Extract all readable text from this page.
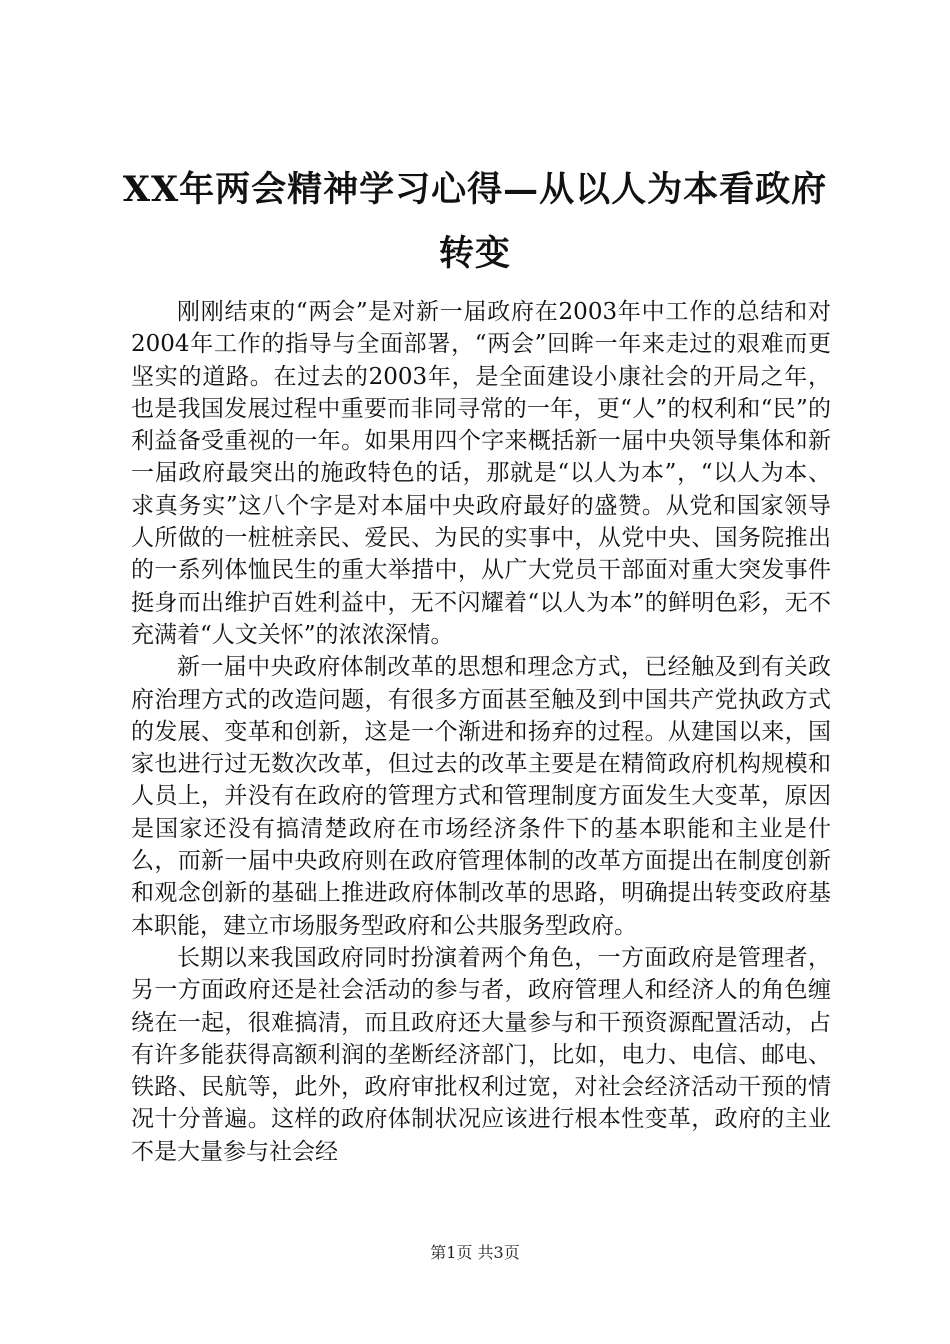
XX年两会精神学习心得—从以人为本看政府转变

刚刚结束的“两会”是对新一届政府在2003年中工作的总结和对2004年工作的指导与全面部署，“两会”回眸一年来走过的艰难而更坚实的道路。在过去的2003年，是全面建设小康社会的开局之年，也是我国发展过程中重要而非同寻常的一年，更“人”的权利和“民”的利益备受重视的一年。如果用四个字来概括新一届中央领导集体和新一届政府最突出的施政特色的话，那就是“以人为本”，“以人为本、求真务实”这八个字是对本届中央政府最好的盛赞。从党和国家领导人所做的一桩桩亲民、爱民、为民的实事中，从党中央、国务院推出的一系列体恤民生的重大举措中，从广大党员干部面对重大突发事件挺身而出维护百姓利益中，无不闪耀着“以人为本”的鲜明色彩，无不充满着“人文关怀”的浓浓深情。

新一届中央政府体制改革的思想和理念方式，已经触及到有关政府治理方式的改造问题，有很多方面甚至触及到中国共产党执政方式的发展、变革和创新，这是一个渐进和扬弃的过程。从建国以来，国家也进行过无数次改革，但过去的改革主要是在精简政府机构规模和人员上，并没有在政府的管理方式和管理制度方面发生大变革，原因是国家还没有搞清楚政府在市场经济条件下的基本职能和主业是什么，而新一届中央政府则在政府管理体制的改革方面提出在制度创新和观念创新的基础上推进政府体制改革的思路，明确提出转变政府基本职能，建立市场服务型政府和公共服务型政府。

长期以来我国政府同时扮演着两个角色，一方面政府是管理者，另一方面政府还是社会活动的参与者，政府管理人和经济人的角色缠绕在一起，很难搞清，而且政府还大量参与和干预资源配置活动，占有许多能获得高额利润的垄断经济部门，比如，电力、电信、邮电、铁路、民航等，此外，政府审批权利过宽，对社会经济活动干预的情况十分普遍。这样的政府体制状况应该进行根本性变革，政府的主业不是大量参与社会经

第1页 共3页
